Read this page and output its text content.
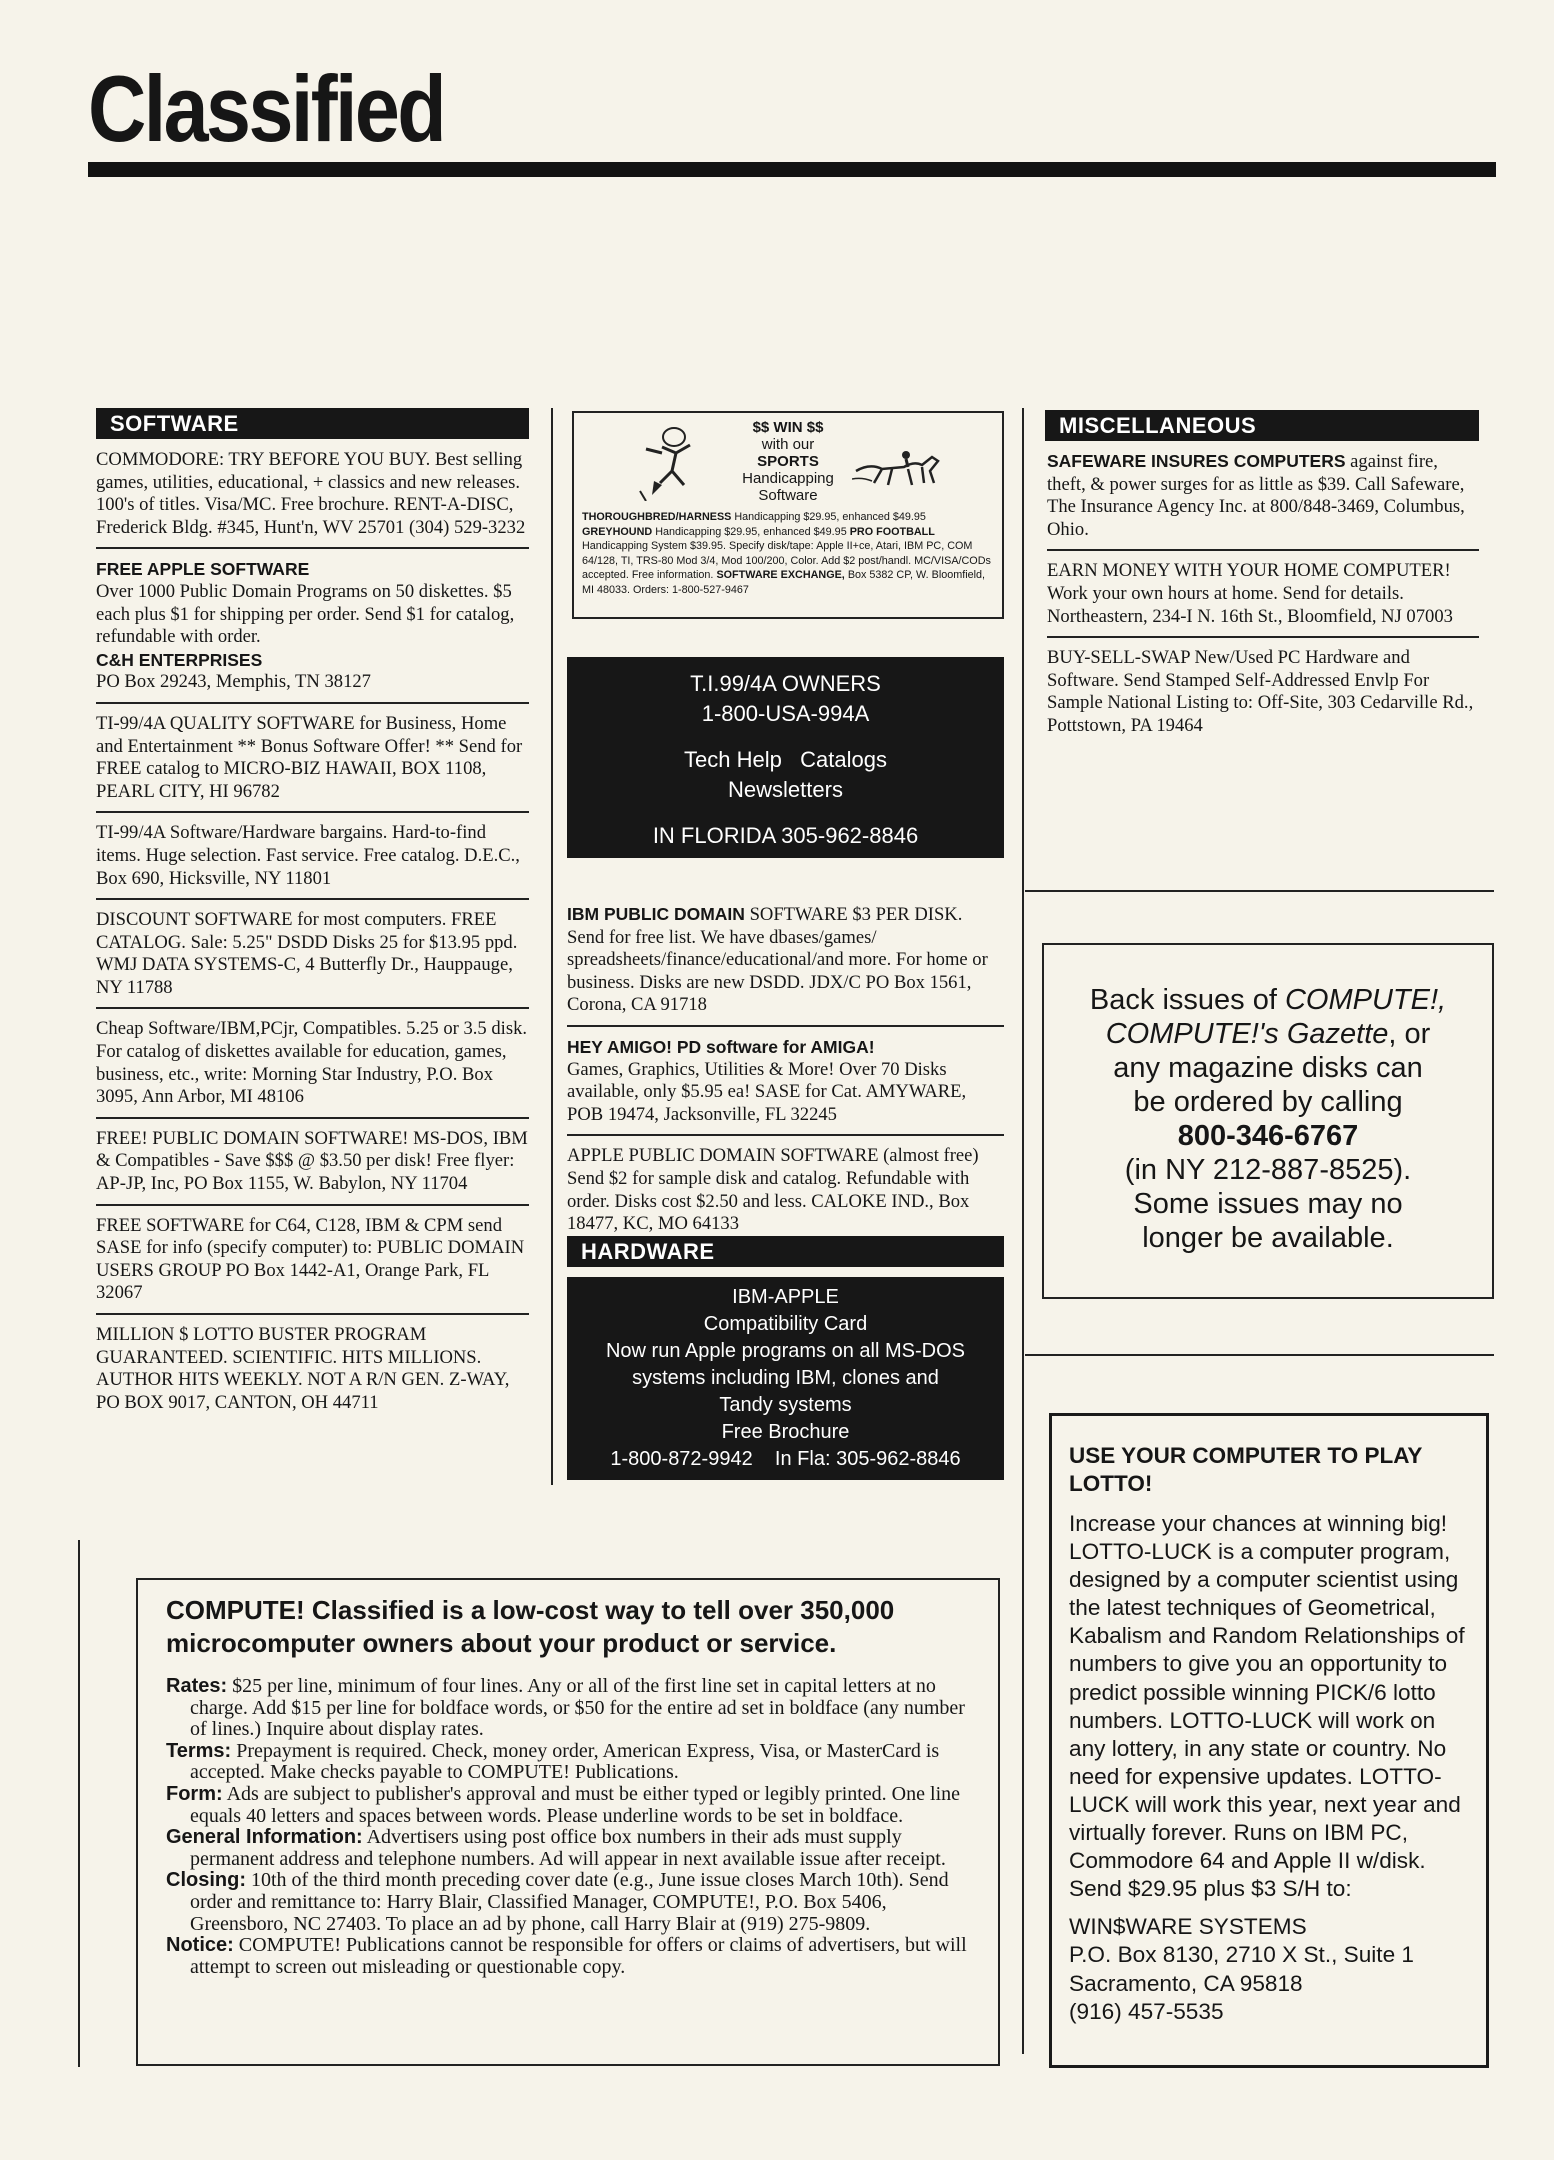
Classified
SOFTWARE

COMMODORE: TRY BEFORE YOU BUY. Best selling games, utilities, educational, + classics and new releases. 100's of titles. Visa/MC. Free brochure. RENT-A-DISC, Frederick Bldg. #345, Hunt'n, WV 25701 (304) 529-3232

FREE APPLE SOFTWARE

Over 1000 Public Domain Programs on 50 diskettes. $5 each plus $1 for shipping per order. Send $1 for catalog, refundable with order.

C&H ENTERPRISES

PO Box 29243, Memphis, TN 38127

TI-99/4A QUALITY SOFTWARE for Business, Home and Entertainment ** Bonus Software Offer! ** Send for FREE catalog to MICRO-BIZ HAWAII, BOX 1108, PEARL CITY, HI 96782

TI-99/4A Software/Hardware bargains. Hard-to-find items. Huge selection. Fast service. Free catalog. D.E.C., Box 690, Hicksville, NY 11801

DISCOUNT SOFTWARE for most computers. FREE CATALOG. Sale: 5.25" DSDD Disks 25 for $13.95 ppd. WMJ DATA SYSTEMS-C, 4 Butterfly Dr., Hauppauge, NY 11788

Cheap Software/IBM,PCjr, Compatibles. 5.25 or 3.5 disk. For catalog of diskettes available for education, games, business, etc., write: Morning Star Industry, P.O. Box 3095, Ann Arbor, MI 48106

FREE! PUBLIC DOMAIN SOFTWARE! MS-DOS, IBM & Compatibles - Save $$$ @ $3.50 per disk! Free flyer: AP-JP, Inc, PO Box 1155, W. Babylon, NY 11704

FREE SOFTWARE for C64, C128, IBM & CPM send SASE for info (specify computer) to: PUBLIC DOMAIN USERS GROUP PO Box 1442-A1, Orange Park, FL 32067

MILLION $ LOTTO BUSTER PROGRAM GUARANTEED. SCIENTIFIC. HITS MILLIONS. AUTHOR HITS WEEKLY. NOT A R/N GEN. Z-WAY, PO BOX 9017, CANTON, OH 44711

$$ WIN $$
with our
SPORTS
Handicapping
Software
THOROUGHBRED/HARNESS Handicapping $29.95, enhanced $49.95 GREYHOUND Handicapping $29.95, enhanced $49.95 PRO FOOTBALL Handicapping System $39.95. Specify disk/tape: Apple II+ce, Atari, IBM PC, COM 64/128, TI, TRS-80 Mod 3/4, Mod 100/200, Color. Add $2 post/handl. MC/VISA/CODs accepted. Free information. SOFTWARE EXCHANGE, Box 5382 CP, W. Bloomfield, MI 48033. Orders: 1-800-527-9467
T.I.99/4A OWNERS
1-800-USA-994A
Tech Help   Catalogs
Newsletters
IN FLORIDA 305-962-8846

IBM PUBLIC DOMAIN SOFTWARE $3 PER DISK.

Send for free list. We have dbases/games/ spreadsheets/finance/educational/and more. For home or business. Disks are new DSDD. JDX/C PO Box 1561, Corona, CA 91718

HEY AMIGO! PD software for AMIGA!

Games, Graphics, Utilities & More! Over 70 Disks available, only $5.95 ea! SASE for Cat. AMYWARE, POB 19474, Jacksonville, FL 32245

APPLE PUBLIC DOMAIN SOFTWARE (almost free) Send $2 for sample disk and catalog. Refundable with order. Disks cost $2.50 and less. CALOKE IND., Box 18477, KC, MO 64133

HARDWARE
IBM-APPLE
Compatibility Card
Now run Apple programs on all MS-DOS
systems including IBM, clones and
Tandy systems
Free Brochure
1-800-872-9942    In Fla: 305-962-8846
MISCELLANEOUS

SAFEWARE INSURES COMPUTERS against fire, theft, & power surges for as little as $39. Call Safeware, The Insurance Agency Inc. at 800/848-3469, Columbus, Ohio.

EARN MONEY WITH YOUR HOME COMPUTER! Work your own hours at home. Send for details. Northeastern, 234-I N. 16th St., Bloomfield, NJ 07003

BUY-SELL-SWAP New/Used PC Hardware and Software. Send Stamped Self-Addressed Envlp For Sample National Listing to: Off-Site, 303 Cedarville Rd., Pottstown, PA 19464

Back issues of COMPUTE!,
COMPUTE!'s Gazette, or
any magazine disks can
be ordered by calling
800-346-6767
(in NY 212-887-8525).
Some issues may no
longer be available.
USE YOUR COMPUTER TO PLAY LOTTO!
Increase your chances at winning big! LOTTO-LUCK is a computer program, designed by a computer scientist using the latest techniques of Geometrical, Kabalism and Random Relationships of numbers to give you an opportunity to predict possible winning PICK/6 lotto numbers. LOTTO-LUCK will work on any lottery, in any state or country. No need for expensive updates. LOTTO-LUCK will work this year, next year and virtually forever. Runs on IBM PC, Commodore 64 and Apple II w/disk. Send $29.95 plus $3 S/H to:
WIN$WARE SYSTEMS
P.O. Box 8130, 2710 X St., Suite 1
Sacramento, CA 95818
(916) 457-5535
COMPUTE! Classified is a low-cost way to tell over 350,000 microcomputer owners about your product or service.

Rates: $25 per line, minimum of four lines. Any or all of the first line set in capital letters at no charge. Add $15 per line for boldface words, or $50 for the entire ad set in boldface (any number of lines.) Inquire about display rates.

Terms: Prepayment is required. Check, money order, American Express, Visa, or MasterCard is accepted. Make checks payable to COMPUTE! Publications.

Form: Ads are subject to publisher's approval and must be either typed or legibly printed. One line equals 40 letters and spaces between words. Please underline words to be set in boldface.

General Information: Advertisers using post office box numbers in their ads must supply permanent address and telephone numbers. Ad will appear in next available issue after receipt.

Closing: 10th of the third month preceding cover date (e.g., June issue closes March 10th). Send order and remittance to: Harry Blair, Classified Manager, COMPUTE!, P.O. Box 5406, Greensboro, NC 27403. To place an ad by phone, call Harry Blair at (919) 275-9809.

Notice: COMPUTE! Publications cannot be responsible for offers or claims of advertisers, but will attempt to screen out misleading or questionable copy.
